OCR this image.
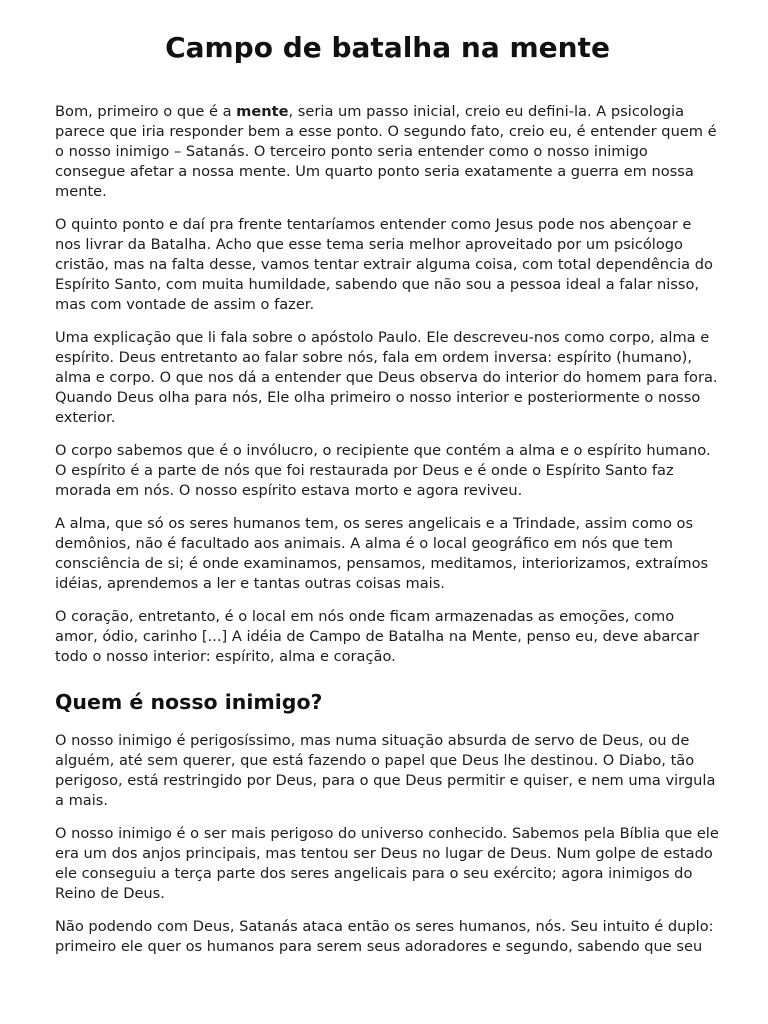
Campo de batalha na mente

Bom, primeiro o que é a mente, seria um passo inicial, creio eu defini-la. A psicologia parece que iria responder bem a esse ponto. O segundo fato, creio eu, é entender quem é o nosso inimigo – Satanás. O terceiro ponto seria entender como o nosso inimigo consegue afetar a nossa mente. Um quarto ponto seria exatamente a guerra em nossa mente.

O quinto ponto e daí pra frente tentaríamos entender como Jesus pode nos abençoar e nos livrar da Batalha. Acho que esse tema seria melhor aproveitado por um psicólogo cristão, mas na falta desse, vamos tentar extrair alguma coisa, com total dependência do Espírito Santo, com muita humildade, sabendo que não sou a pessoa ideal a falar nisso, mas com vontade de assim o fazer.

Uma explicação que li fala sobre o apóstolo Paulo. Ele descreveu-nos como corpo, alma e espírito. Deus entretanto ao falar sobre nós, fala em ordem inversa: espírito (humano), alma e corpo. O que nos dá a entender que Deus observa do interior do homem para fora. Quando Deus olha para nós, Ele olha primeiro o nosso interior e posteriormente o nosso exterior.

O corpo sabemos que é o invólucro, o recipiente que contém a alma e o espírito humano. O espírito é a parte de nós que foi restaurada por Deus e é onde o Espírito Santo faz morada em nós. O nosso espírito estava morto e agora reviveu.

A alma, que só os seres humanos tem, os seres angelicais e a Trindade, assim como os demônios, não é facultado aos animais. A alma é o local geográfico em nós que tem consciência de si; é onde examinamos, pensamos, meditamos, interiorizamos, extraímos idéias, aprendemos a ler e tantas outras coisas mais.

O coração, entretanto, é o local em nós onde ficam armazenadas as emoções, como amor, ódio, carinho [...] A idéia de Campo de Batalha na Mente, penso eu, deve abarcar todo o nosso interior: espírito, alma e coração.

Quem é nosso inimigo?

O nosso inimigo é perigosíssimo, mas numa situação absurda de servo de Deus, ou de alguém, até sem querer, que está fazendo o papel que Deus lhe destinou. O Diabo, tão perigoso, está restringido por Deus, para o que Deus permitir e quiser, e nem uma virgula a mais.

O nosso inimigo é o ser mais perigoso do universo conhecido. Sabemos pela Bíblia que ele era um dos anjos principais, mas tentou ser Deus no lugar de Deus. Num golpe de estado ele conseguiu a terça parte dos seres angelicais para o seu exército; agora inimigos do Reino de Deus.

Não podendo com Deus, Satanás ataca então os seres humanos, nós. Seu intuito é duplo: primeiro ele quer os humanos para serem seus adoradores e segundo, sabendo que seu
